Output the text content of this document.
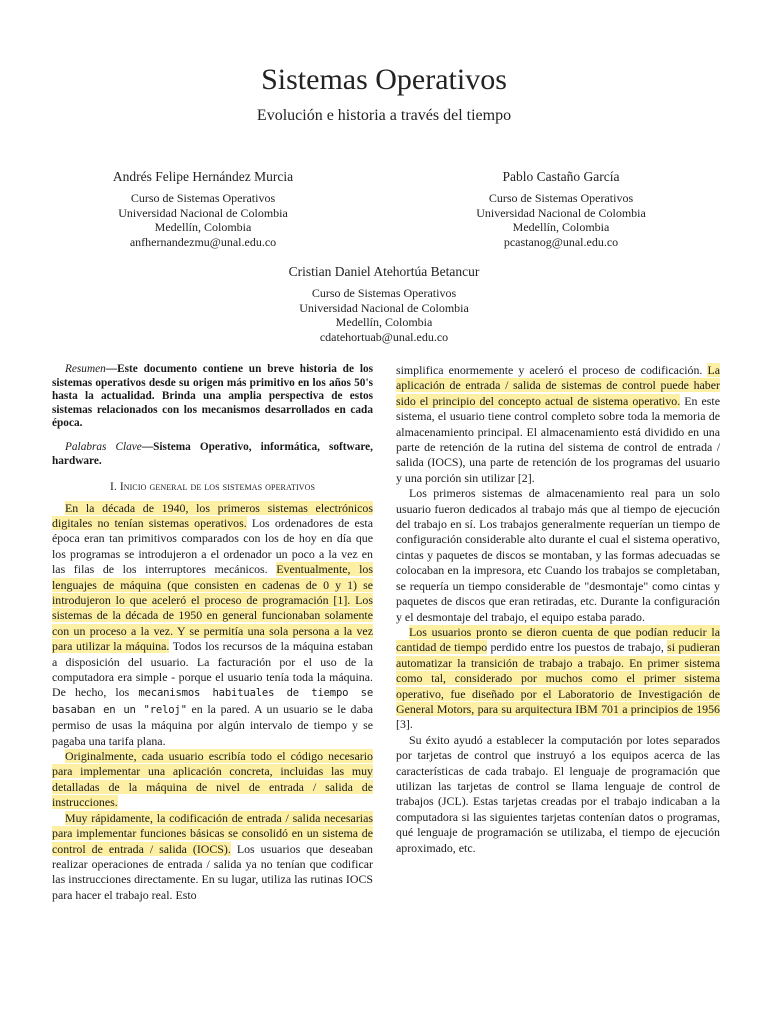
Sistemas Operativos
Evolución e historia a través del tiempo
Andrés Felipe Hernández Murcia
Curso de Sistemas Operativos
Universidad Nacional de Colombia
Medellín, Colombia
anfhernandezmu@unal.edu.co
Pablo Castaño García
Curso de Sistemas Operativos
Universidad Nacional de Colombia
Medellín, Colombia
pcastanog@unal.edu.co
Cristian Daniel Atehortúa Betancur
Curso de Sistemas Operativos
Universidad Nacional de Colombia
Medellín, Colombia
cdatehortuab@unal.edu.co

Resumen—Este documento contiene un breve historia de los sistemas operativos desde su origen más primitivo en los años 50's hasta la actualidad. Brinda una amplia perspectiva de estos sistemas relacionados con los mecanismos desarrollados en cada época.

Palabras Clave—Sistema Operativo, informática, software, hardware.

I. Inicio general de los sistemas operativos

En la década de 1940, los primeros sistemas electrónicos digitales no tenían sistemas operativos. Los ordenadores de esta época eran tan primitivos comparados con los de hoy en día que los programas se introdujeron a el ordenador un poco a la vez en las filas de los interruptores mecánicos. Eventualmente, los lenguajes de máquina (que consisten en cadenas de 0 y 1) se introdujeron lo que aceleró el proceso de programación [1]. Los sistemas de la década de 1950 en general funcionaban solamente con un proceso a la vez. Y se permitía una sola persona a la vez para utilizar la máquina. Todos los recursos de la máquina estaban a disposición del usuario. La facturación por el uso de la computadora era simple - porque el usuario tenía toda la máquina. De hecho, los mecanismos habituales de tiempo se basaban en un "reloj" en la pared. A un usuario se le daba permiso de usas la máquina por algún intervalo de tiempo y se pagaba una tarifa plana.

Originalmente, cada usuario escribía todo el código necesario para implementar una aplicación concreta, incluidas las muy detalladas de la máquina de nivel de entrada / salida de instrucciones.

Muy rápidamente, la codificación de entrada / salida necesarias para implementar funciones básicas se consolidó en un sistema de control de entrada / salida (IOCS). Los usuarios que deseaban realizar operaciones de entrada / salida ya no tenían que codificar las instrucciones directamente. En su lugar, utiliza las rutinas IOCS para hacer el trabajo real. Esto

simplifica enormemente y aceleró el proceso de codificación. La aplicación de entrada / salida de sistemas de control puede haber sido el principio del concepto actual de sistema operativo. En este sistema, el usuario tiene control completo sobre toda la memoria de almacenamiento principal. El almacenamiento está dividido en una parte de retención de la rutina del sistema de control de entrada / salida (IOCS), una parte de retención de los programas del usuario y una porción sin utilizar [2].

Los primeros sistemas de almacenamiento real para un solo usuario fueron dedicados al trabajo más que al tiempo de ejecución del trabajo en sí. Los trabajos generalmente requerían un tiempo de configuración considerable alto durante el cual el sistema operativo, cintas y paquetes de discos se montaban, y las formas adecuadas se colocaban en la impresora, etc Cuando los trabajos se completaban, se requería un tiempo considerable de "desmontaje" como cintas y paquetes de discos que eran retiradas, etc. Durante la configuración y el desmontaje del trabajo, el equipo estaba parado.

Los usuarios pronto se dieron cuenta de que podían reducir la cantidad de tiempo perdido entre los puestos de trabajo, si pudieran automatizar la transición de trabajo a trabajo. En primer sistema como tal, considerado por muchos como el primer sistema operativo, fue diseñado por el Laboratorio de Investigación de General Motors, para su arquitectura IBM 701 a principios de 1956 [3].

Su éxito ayudó a establecer la computación por lotes separados por tarjetas de control que instruyó a los equipos acerca de las características de cada trabajo. El lenguaje de programación que utilizan las tarjetas de control se llama lenguaje de control de trabajos (JCL). Estas tarjetas creadas por el trabajo indicaban a la computadora si las siguientes tarjetas contenían datos o programas, qué lenguaje de programación se utilizaba, el tiempo de ejecución aproximado, etc.
